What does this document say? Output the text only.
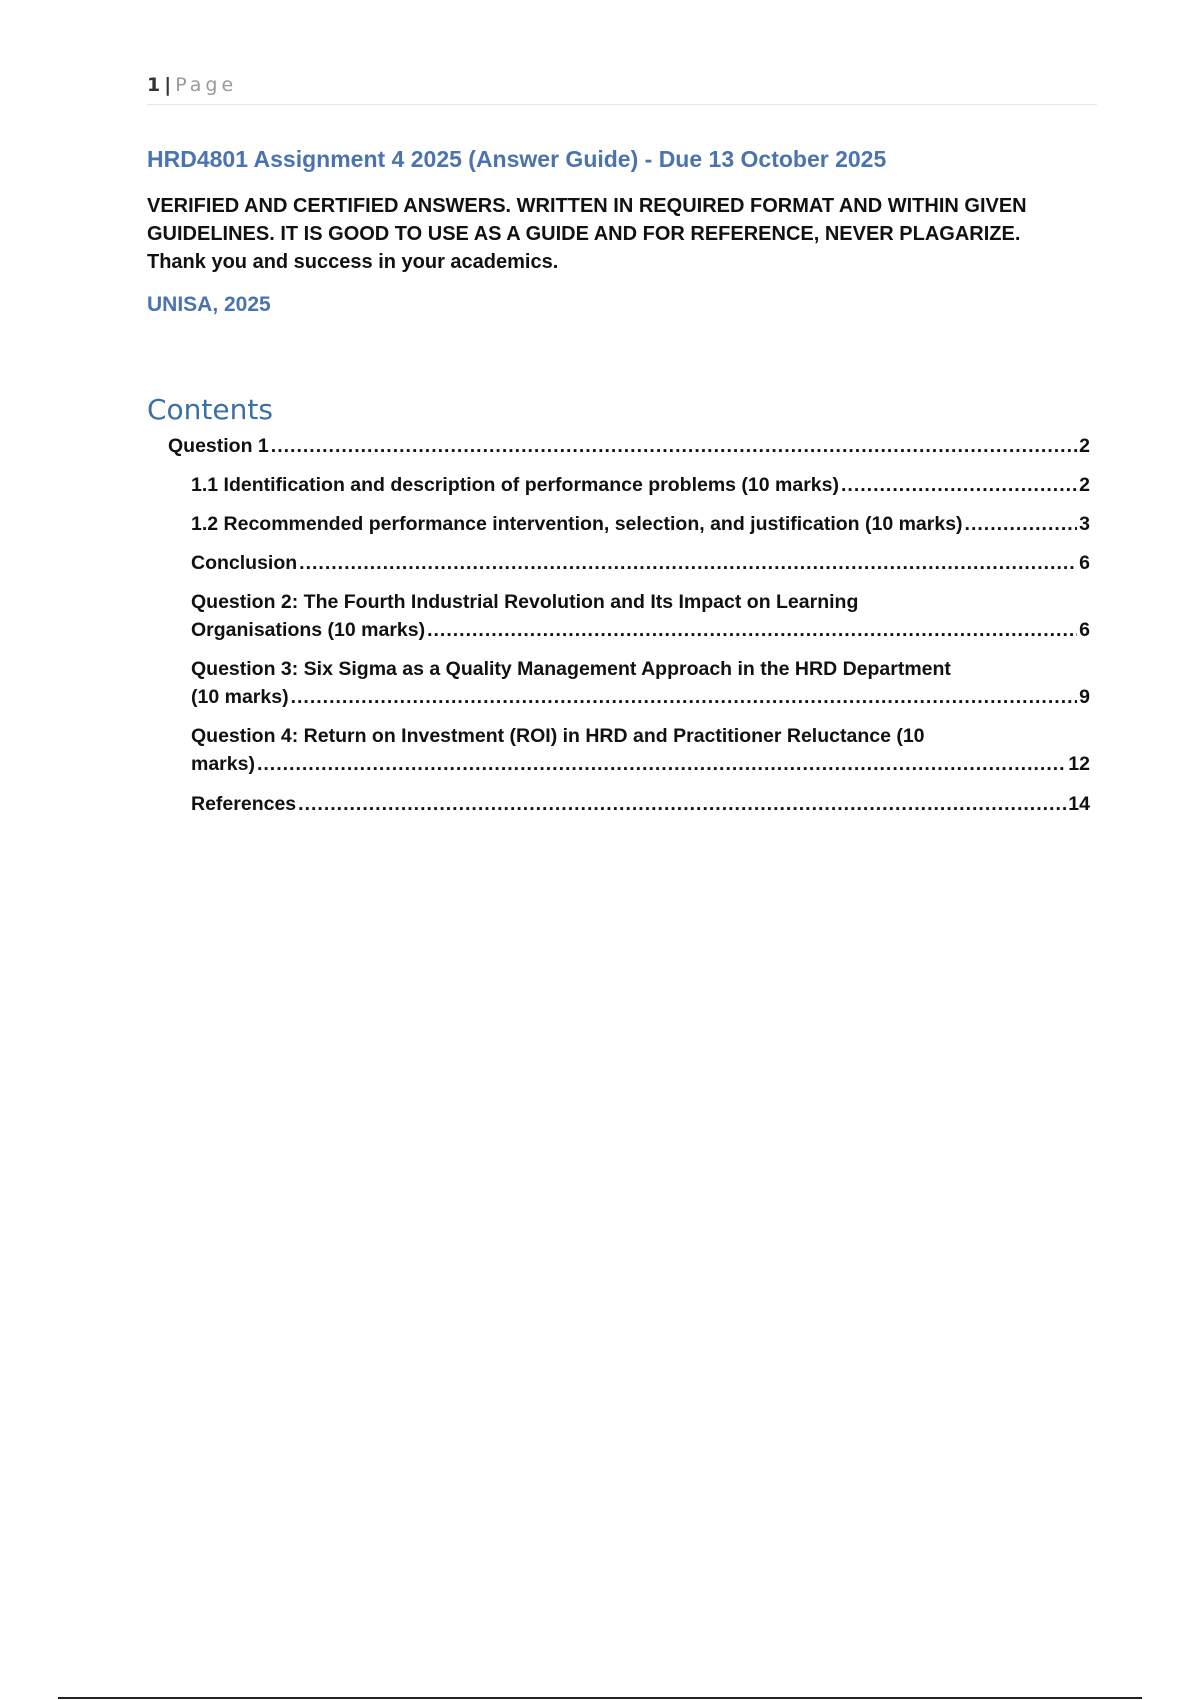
1 | Page
HRD4801 Assignment 4 2025 (Answer Guide) - Due 13 October 2025
VERIFIED AND CERTIFIED ANSWERS. WRITTEN IN REQUIRED FORMAT AND WITHIN GIVEN GUIDELINES. IT IS GOOD TO USE AS A GUIDE AND FOR REFERENCE, NEVER PLAGARIZE. Thank you and success in your academics.
UNISA, 2025
Contents
Question 1 .....	2
1.1 Identification and description of performance problems (10 marks) .....	2
1.2 Recommended performance intervention, selection, and justification (10 marks) .....	3
Conclusion .....	6
Question 2: The Fourth Industrial Revolution and Its Impact on Learning
Organisations (10 marks) .....	6
Question 3: Six Sigma as a Quality Management Approach in the HRD Department
(10 marks) .....	9
Question 4: Return on Investment (ROI) in HRD and Practitioner Reluctance (10
marks) .....	12
References .....	14
